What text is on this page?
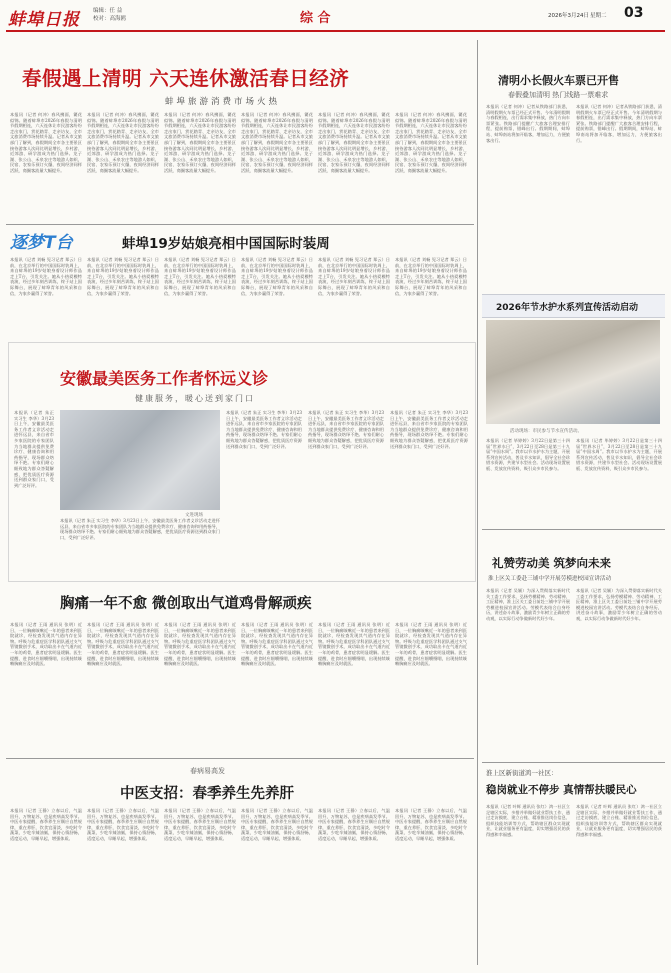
蚌埠日报 编辑：任 益
校对：高海鸥	综 合	2026年3月24日 星期二 03
春假遇上清明 六天连休激活春日经济
蚌埠旅游消费市场火热
本报讯（记者 何冲）春风拂面，繁花似锦。随着蚌埠市2026年春假与清明节假期相连，六天连休让市民游客纷纷走出家门，赏花踏青、走亲访友，全市文旅消费市场持续升温。记者从市文旅部门了解到，春假期间全市各主要景区接待游客人次同比明显增长，乡村游、近郊游、研学游成为热门选择。龙子湖、张公山、禾泉农庄等地游人如织，民宿、农家乐预订火爆，夜间经济同样活跃，商圈客流量大幅提升。
本报讯（记者 何冲）春风拂面，繁花似锦。随着蚌埠市2026年春假与清明节假期相连，六天连休让市民游客纷纷走出家门，赏花踏青、走亲访友，全市文旅消费市场持续升温。记者从市文旅部门了解到，春假期间全市各主要景区接待游客人次同比明显增长，乡村游、近郊游、研学游成为热门选择。龙子湖、张公山、禾泉农庄等地游人如织，民宿、农家乐预订火爆，夜间经济同样活跃，商圈客流量大幅提升。
本报讯（记者 何冲）春风拂面，繁花似锦。随着蚌埠市2026年春假与清明节假期相连，六天连休让市民游客纷纷走出家门，赏花踏青、走亲访友，全市文旅消费市场持续升温。记者从市文旅部门了解到，春假期间全市各主要景区接待游客人次同比明显增长，乡村游、近郊游、研学游成为热门选择。龙子湖、张公山、禾泉农庄等地游人如织，民宿、农家乐预订火爆，夜间经济同样活跃，商圈客流量大幅提升。
本报讯（记者 何冲）春风拂面，繁花似锦。随着蚌埠市2026年春假与清明节假期相连，六天连休让市民游客纷纷走出家门，赏花踏青、走亲访友，全市文旅消费市场持续升温。记者从市文旅部门了解到，春假期间全市各主要景区接待游客人次同比明显增长，乡村游、近郊游、研学游成为热门选择。龙子湖、张公山、禾泉农庄等地游人如织，民宿、农家乐预订火爆，夜间经济同样活跃，商圈客流量大幅提升。
本报讯（记者 何冲）春风拂面，繁花似锦。随着蚌埠市2026年春假与清明节假期相连，六天连休让市民游客纷纷走出家门，赏花踏青、走亲访友，全市文旅消费市场持续升温。记者从市文旅部门了解到，春假期间全市各主要景区接待游客人次同比明显增长，乡村游、近郊游、研学游成为热门选择。龙子湖、张公山、禾泉农庄等地游人如织，民宿、农家乐预订火爆，夜间经济同样活跃，商圈客流量大幅提升。
本报讯（记者 何冲）春风拂面，繁花似锦。随着蚌埠市2026年春假与清明节假期相连，六天连休让市民游客纷纷走出家门，赏花踏青、走亲访友，全市文旅消费市场持续升温。记者从市文旅部门了解到，春假期间全市各主要景区接待游客人次同比明显增长，乡村游、近郊游、研学游成为热门选择。龙子湖、张公山、禾泉农庄等地游人如织，民宿、农家乐预订火爆，夜间经济同样活跃，商圈客流量大幅提升。
清明小长假火车票已开售
春假叠加清明 热门线路一票难求
本报讯（记者 何冲）记者从铁路部门获悉，清明假期火车票已经正式开售。今年清明假期与春假相连，出行需求集中释放，热门方向车票紧张。铁路部门提醒广大旅客合理安排行程，提前购票，错峰出行。假期期间，蚌埠站、蚌埠南站将加开临客，增加运力，方便旅客出行。
本报讯（记者 何冲）记者从铁路部门获悉，清明假期火车票已经正式开售。今年清明假期与春假相连，出行需求集中释放，热门方向车票紧张。铁路部门提醒广大旅客合理安排行程，提前购票，错峰出行。假期期间，蚌埠站、蚌埠南站将加开临客，增加运力，方便旅客出行。
逐梦T台	蚌埠19岁姑娘亮相中国国际时装周
本报讯（记者 刘畅 见习记者 郑云）日前，在北京举行的中国国际时装周上，来自蚌埠的19岁姑娘身着设计师作品走上T台，引发关注。她从小热爱模特表演，经过多年刻苦训练，终于站上国际舞台，展现了蚌埠青年的风采和自信，为家乡赢得了荣誉。
本报讯（记者 刘畅 见习记者 郑云）日前，在北京举行的中国国际时装周上，来自蚌埠的19岁姑娘身着设计师作品走上T台，引发关注。她从小热爱模特表演，经过多年刻苦训练，终于站上国际舞台，展现了蚌埠青年的风采和自信，为家乡赢得了荣誉。
本报讯（记者 刘畅 见习记者 郑云）日前，在北京举行的中国国际时装周上，来自蚌埠的19岁姑娘身着设计师作品走上T台，引发关注。她从小热爱模特表演，经过多年刻苦训练，终于站上国际舞台，展现了蚌埠青年的风采和自信，为家乡赢得了荣誉。
本报讯（记者 刘畅 见习记者 郑云）日前，在北京举行的中国国际时装周上，来自蚌埠的19岁姑娘身着设计师作品走上T台，引发关注。她从小热爱模特表演，经过多年刻苦训练，终于站上国际舞台，展现了蚌埠青年的风采和自信，为家乡赢得了荣誉。
本报讯（记者 刘畅 见习记者 郑云）日前，在北京举行的中国国际时装周上，来自蚌埠的19岁姑娘身着设计师作品走上T台，引发关注。她从小热爱模特表演，经过多年刻苦训练，终于站上国际舞台，展现了蚌埠青年的风采和自信，为家乡赢得了荣誉。
本报讯（记者 刘畅 见习记者 郑云）日前，在北京举行的中国国际时装周上，来自蚌埠的19岁姑娘身着设计师作品走上T台，引发关注。她从小热爱模特表演，经过多年刻苦训练，终于站上国际舞台，展现了蚌埠青年的风采和自信，为家乡赢得了荣誉。
2026年节水护水系列宣传活动启动
活动现场：市民参与节水宣传活动。
本报讯（记者 毕婷婷）3月22日是第三十四届“世界水日”，3月22日至28日是第三十九届“中国水周”。我市以节水护水为主题，开展系列宣传活动，普及节水知识，倡导全社会珍惜水资源，共建节水型社会。活动现场设置展板、发放宣传资料，吸引众多市民参与。
本报讯（记者 毕婷婷）3月22日是第三十四届“世界水日”，3月22日至28日是第三十九届“中国水周”。我市以节水护水为主题，开展系列宣传活动，普及节水知识，倡导全社会珍惜水资源，共建节水型社会。活动现场设置展板、发放宣传资料，吸引众多市民参与。
安徽最美医务工作者怀远义诊
健康服务，暖心送到家门口
文进现场
本报讯（记者 朱正 实习生 李华）3月23日上午，安徽最美医务工作者义诊活动走进怀远县，来自省市多家医院的专家团队为当地群众提供免费诊疗、健康咨询和用药指导，现场群众络绎不绝。专家们耐心细致地为群众答疑解惑，把优质医疗资源送到群众家门口，受到广泛好评。
本报讯（记者 朱正 实习生 李华）3月23日上午，安徽最美医务工作者义诊活动走进怀远县，来自省市多家医院的专家团队为当地群众提供免费诊疗、健康咨询和用药指导，现场群众络绎不绝。专家们耐心细致地为群众答疑解惑，把优质医疗资源送到群众家门口，受到广泛好评。
本报讯（记者 朱正 实习生 李华）3月23日上午，安徽最美医务工作者义诊活动走进怀远县，来自省市多家医院的专家团队为当地群众提供免费诊疗、健康咨询和用药指导，现场群众络绎不绝。专家们耐心细致地为群众答疑解惑，把优质医疗资源送到群众家门口，受到广泛好评。
本报讯（记者 朱正 实习生 李华）3月23日上午，安徽最美医务工作者义诊活动走进怀远县，来自省市多家医院的专家团队为当地群众提供免费诊疗、健康咨询和用药指导，现场群众络绎不绝。专家们耐心细致地为群众答疑解惑，把优质医疗资源送到群众家门口，受到广泛好评。
本报讯（记者 朱正 实习生 李华）3月23日上午，安徽最美医务工作者义诊活动走进怀远县，来自省市多家医院的专家团队为当地群众提供免费诊疗、健康咨询和用药指导，现场群众络绎不绝。专家们耐心细致地为群众答疑解惑，把优质医疗资源送到群众家门口，受到广泛好评。
胸痛一年不愈 微创取出气道鸡骨解顽疾
本报讯（记者 王雨 通讯员 张明）近日，一位胸痛咳嗽近一年的患者来到医院就诊，经检查发现其气道内存在异物。呼吸与危重症医学科团队通过支气管镜微创手术，成功取出卡在气道内近一年的鸡骨，患者症状明显缓解。医生提醒，进食时应细嚼慢咽，出现持续咳嗽胸痛应及时就医。
本报讯（记者 王雨 通讯员 张明）近日，一位胸痛咳嗽近一年的患者来到医院就诊，经检查发现其气道内存在异物。呼吸与危重症医学科团队通过支气管镜微创手术，成功取出卡在气道内近一年的鸡骨，患者症状明显缓解。医生提醒，进食时应细嚼慢咽，出现持续咳嗽胸痛应及时就医。
本报讯（记者 王雨 通讯员 张明）近日，一位胸痛咳嗽近一年的患者来到医院就诊，经检查发现其气道内存在异物。呼吸与危重症医学科团队通过支气管镜微创手术，成功取出卡在气道内近一年的鸡骨，患者症状明显缓解。医生提醒，进食时应细嚼慢咽，出现持续咳嗽胸痛应及时就医。
本报讯（记者 王雨 通讯员 张明）近日，一位胸痛咳嗽近一年的患者来到医院就诊，经检查发现其气道内存在异物。呼吸与危重症医学科团队通过支气管镜微创手术，成功取出卡在气道内近一年的鸡骨，患者症状明显缓解。医生提醒，进食时应细嚼慢咽，出现持续咳嗽胸痛应及时就医。
本报讯（记者 王雨 通讯员 张明）近日，一位胸痛咳嗽近一年的患者来到医院就诊，经检查发现其气道内存在异物。呼吸与危重症医学科团队通过支气管镜微创手术，成功取出卡在气道内近一年的鸡骨，患者症状明显缓解。医生提醒，进食时应细嚼慢咽，出现持续咳嗽胸痛应及时就医。
本报讯（记者 王雨 通讯员 张明）近日，一位胸痛咳嗽近一年的患者来到医院就诊，经检查发现其气道内存在异物。呼吸与危重症医学科团队通过支气管镜微创手术，成功取出卡在气道内近一年的鸡骨，患者症状明显缓解。医生提醒，进食时应细嚼慢咽，出现持续咳嗽胸痛应及时就医。
春病易高发
中医支招：春季养生先养肝
本报讯（记者 王静）立春以后，气温回升，万物复苏，也是疾病高发季节。中医专家提醒，春季养生应顺应自然规律，重在养肝，饮食宜清淡，多吃时令蔬菜，少吃辛辣油腻，保持心情舒畅，适度运动，早睡早起，增强体质。
本报讯（记者 王静）立春以后，气温回升，万物复苏，也是疾病高发季节。中医专家提醒，春季养生应顺应自然规律，重在养肝，饮食宜清淡，多吃时令蔬菜，少吃辛辣油腻，保持心情舒畅，适度运动，早睡早起，增强体质。
本报讯（记者 王静）立春以后，气温回升，万物复苏，也是疾病高发季节。中医专家提醒，春季养生应顺应自然规律，重在养肝，饮食宜清淡，多吃时令蔬菜，少吃辛辣油腻，保持心情舒畅，适度运动，早睡早起，增强体质。
本报讯（记者 王静）立春以后，气温回升，万物复苏，也是疾病高发季节。中医专家提醒，春季养生应顺应自然规律，重在养肝，饮食宜清淡，多吃时令蔬菜，少吃辛辣油腻，保持心情舒畅，适度运动，早睡早起，增强体质。
本报讯（记者 王静）立春以后，气温回升，万物复苏，也是疾病高发季节。中医专家提醒，春季养生应顺应自然规律，重在养肝，饮食宜清淡，多吃时令蔬菜，少吃辛辣油腻，保持心情舒畅，适度运动，早睡早起，增强体质。
本报讯（记者 王静）立春以后，气温回升，万物复苏，也是疾病高发季节。中医专家提醒，春季养生应顺应自然规律，重在养肝，饮食宜清淡，多吃时令蔬菜，少吃辛辣油腻，保持心情舒畅，适度运动，早睡早起，增强体质。
礼赞劳动美 筑梦向未来
淮上区关工委赴三铺中学开展劳模进校园宣讲活动
本报讯（记者 吴颖）为深入贯彻落实新时代关工委工作要求，弘扬劳模精神、劳动精神、工匠精神，淮上区关工委日前赴三铺中学开展劳模进校园宣讲活动。劳模代表结合自身经历，讲述奋斗故事，激励青少年树立正确的劳动观，以实际行动争做新时代好少年。
本报讯（记者 吴颖）为深入贯彻落实新时代关工委工作要求，弘扬劳模精神、劳动精神、工匠精神，淮上区关工委日前赴三铺中学开展劳模进校园宣讲活动。劳模代表结合自身经历，讲述奋斗故事，激励青少年树立正确的劳动观，以实际行动争做新时代好少年。
淮上区新街道鸿一社区：
稳岗就业不停步 真情帮扶暖民心
本报讯（记者 叶辉 通讯员 张红）鸿一社区立足辖区实际，多措并举做好就业帮扶工作，通过走访摸底、建立台账、精准推送岗位信息、组织技能培训等方式，帮助辖区群众实现就业，让就业服务更有温度，切实增强居民的获得感和幸福感。
本报讯（记者 叶辉 通讯员 张红）鸿一社区立足辖区实际，多措并举做好就业帮扶工作，通过走访摸底、建立台账、精准推送岗位信息、组织技能培训等方式，帮助辖区群众实现就业，让就业服务更有温度，切实增强居民的获得感和幸福感。
